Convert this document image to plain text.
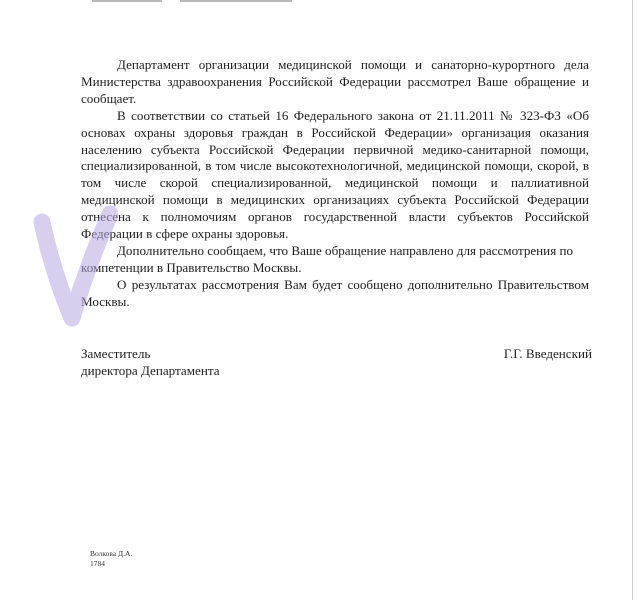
Департамент организации медицинской помощи и санаторно-курортного дела Министерства здравоохранения Российской Федерации рассмотрел Ваше обращение и сообщает.

В соответствии со статьей 16 Федерального закона от 21.11.2011 № 323-ФЗ «Об основах охраны здоровья граждан в Российской Федерации» организация оказания населению субъекта Российской Федерации первичной медико-санитарной помощи, специализированной, в том числе высокотехнологичной, медицинской помощи, скорой, в том числе скорой специализированной, медицинской помощи и паллиативной медицинской помощи в медицинских организациях субъекта Российской Федерации отнесена к полномочиям органов государственной власти субъектов Российской Федерации в сфере охраны здоровья.

Дополнительно сообщаем, что Ваше обращение направлено для рассмотрения по компетенции в Правительство Москвы.

О результатах рассмотрения Вам будет сообщено дополнительно Правительством Москвы.

Заместитель
директора Департамента
Г.Г. Введенский
Волкова Д.А.
1784
